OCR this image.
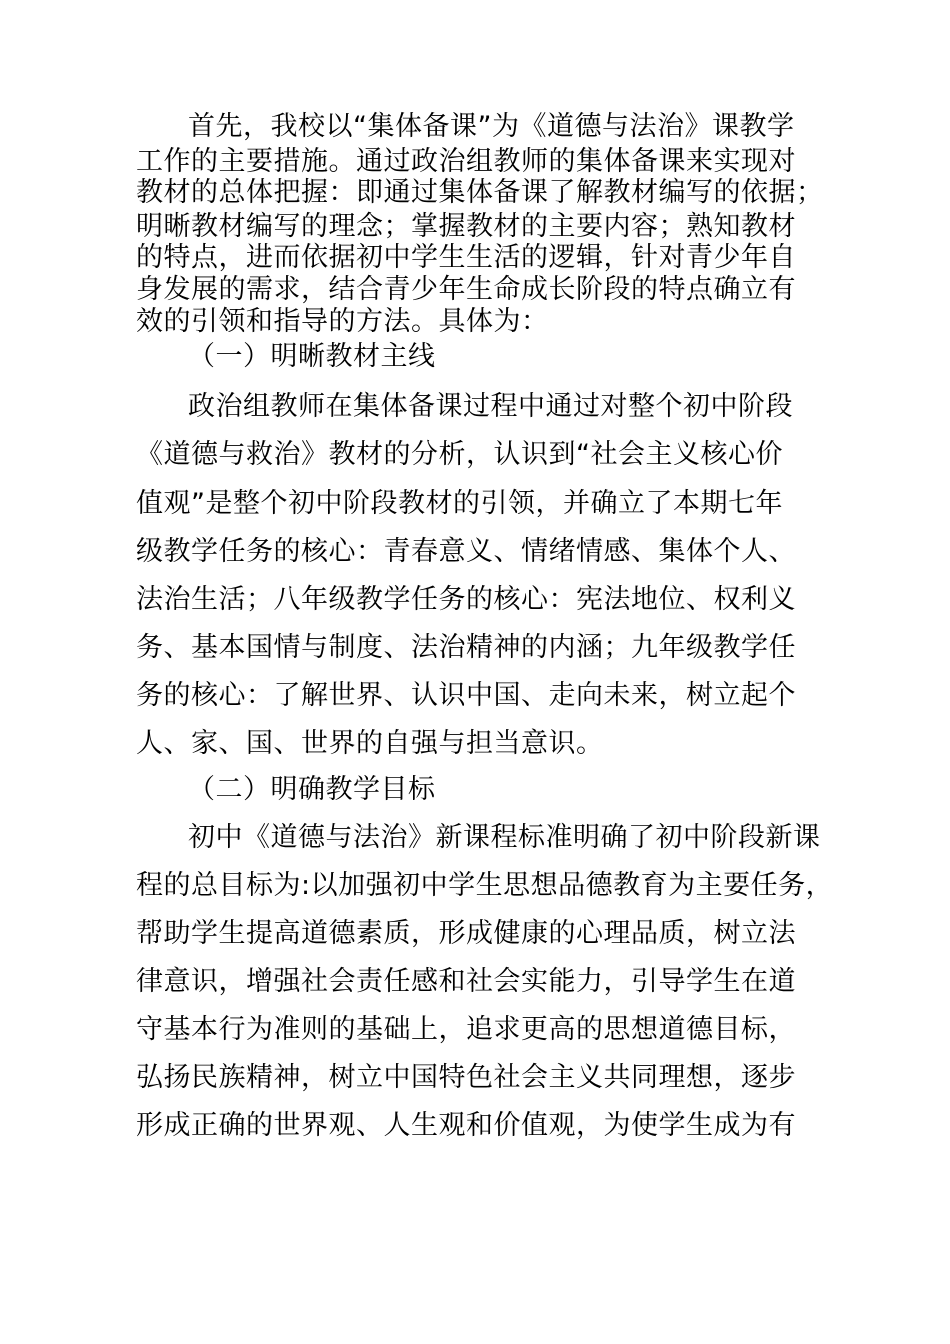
首先，我校以“集体备课”为《道德与法治》课教学

工作的主要措施。通过政治组教师的集体备课来实现对

教材的总体把握：即通过集体备课了解教材编写的依据；

明晰教材编写的理念；掌握教材的主要内容；熟知教材

的特点，进而依据初中学生生活的逻辑，针对青少年自

身发展的需求，结合青少年生命成长阶段的特点确立有

效的引领和指导的方法。具体为：

（一）明晰教材主线

政治组教师在集体备课过程中通过对整个初中阶段

《道德与救治》教材的分析，认识到“社会主义核心价

值观”是整个初中阶段教材的引领，并确立了本期七年

级教学任务的核心：青春意义、情绪情感、集体个人、

法治生活；八年级教学任务的核心：宪法地位、权利义

务、基本国情与制度、法治精神的内涵；九年级教学任

务的核心：了解世界、认识中国、走向未来，树立起个

人、家、国、世界的自强与担当意识。

（二）明确教学目标

初中《道德与法治》新课程标准明确了初中阶段新课

程的总目标为:以加强初中学生思想品德教育为主要任务，

帮助学生提高道德素质，形成健康的心理品质，树立法

律意识，增强社会责任感和社会实能力，引导学生在道

守基本行为准则的基础上，追求更高的思想道德目标，

弘扬民族精神，树立中国特色社会主义共同理想，逐步

形成正确的世界观、人生观和价值观，为使学生成为有
